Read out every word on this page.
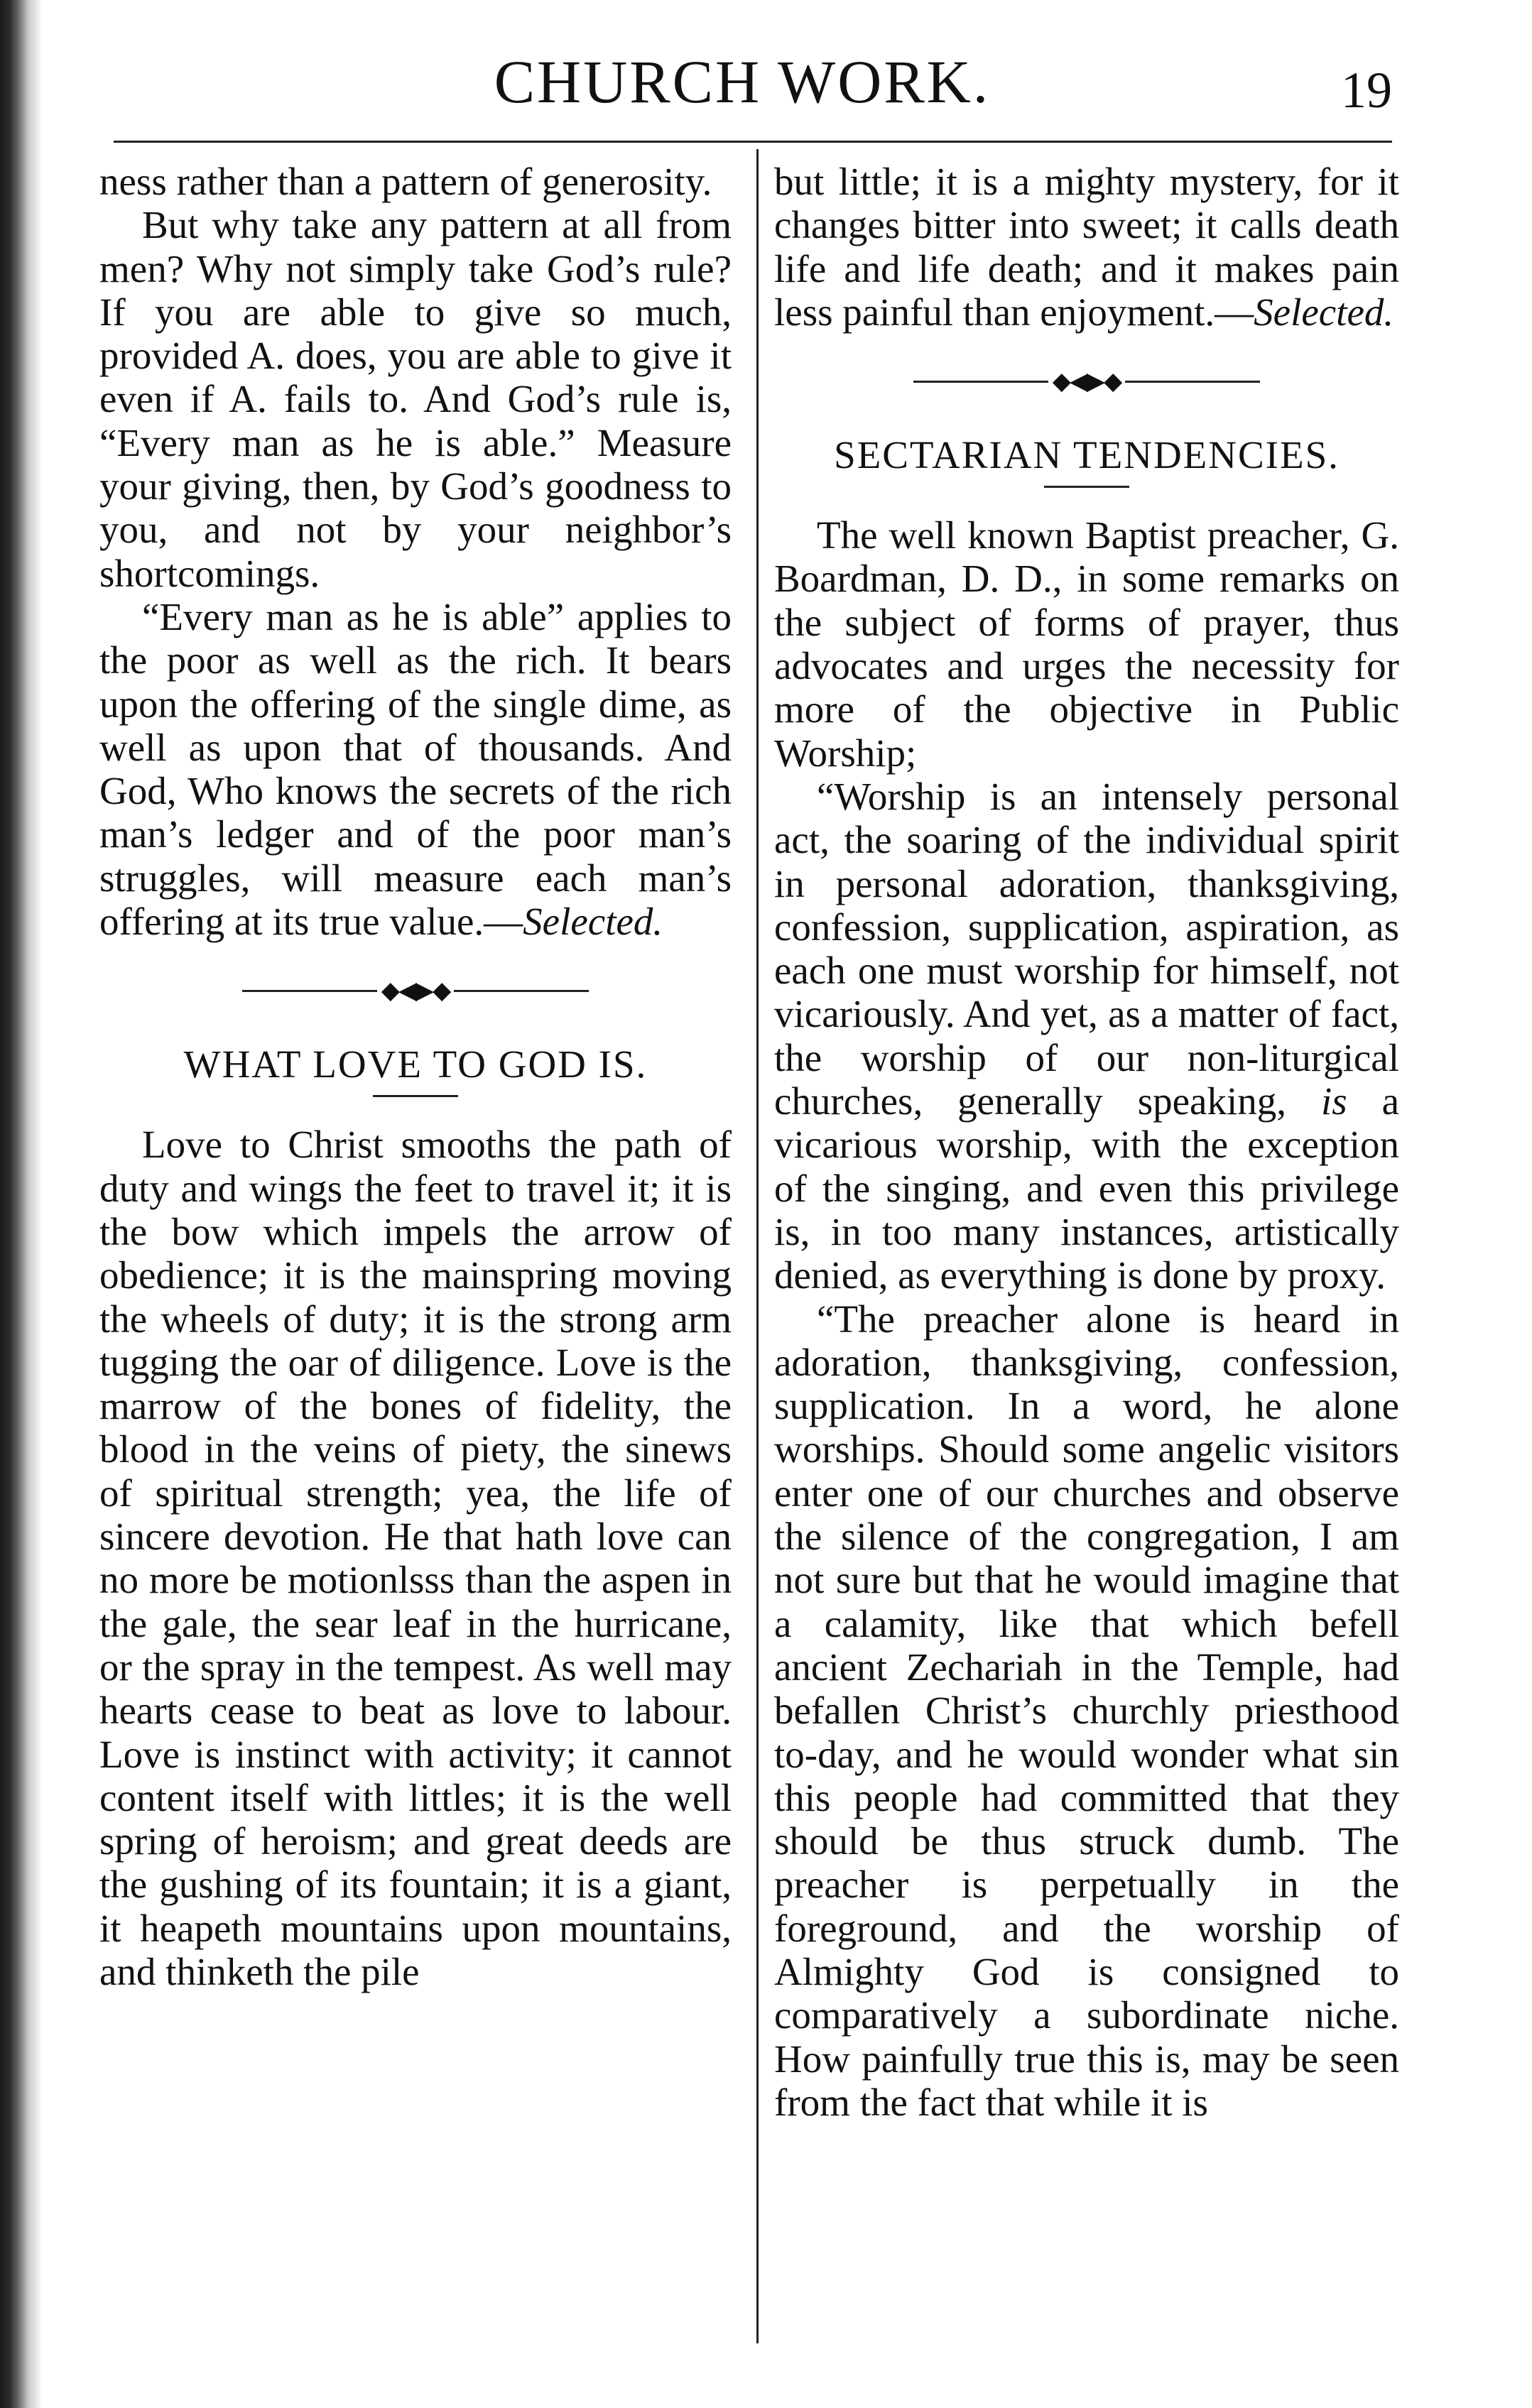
CHURCH WORK.	19

ness rather than a pattern of generosity.

But why take any pattern at all from men? Why not simply take God’s rule? If you are able to give so much, provided A. does, you are able to give it even if A. fails to. And God’s rule is, “Every man as he is able.” Measure your giving, then, by God’s goodness to you, and not by your neighbor’s shortcomings.

“Every man as he is able” applies to the poor as well as the rich. It bears upon the offering of the single dime, as well as upon that of thousands. And God, Who knows the secrets of the rich man’s ledger and of the poor man’s struggles, will measure each man’s offering at its true value.—Selected.

◆◀▶◆
WHAT LOVE TO GOD IS.

Love to Christ smooths the path of duty and wings the feet to travel it; it is the bow which impels the arrow of obedience; it is the mainspring moving the wheels of duty; it is the strong arm tugging the oar of diligence. Love is the marrow of the bones of fidelity, the blood in the veins of piety, the sinews of spiritual strength; yea, the life of sincere devotion. He that hath love can no more be motionlsss than the aspen in the gale, the sear leaf in the hurricane, or the spray in the tempest. As well may hearts cease to beat as love to labour. Love is instinct with activity; it cannot content itself with littles; it is the well spring of heroism; and great deeds are the gushing of its fountain; it is a giant, it heapeth mountains upon mountains, and thinketh the pile

but little; it is a mighty mystery, for it changes bitter into sweet; it calls death life and life death; and it makes pain less painful than enjoyment.—Selected.

◆◀▶◆
SECTARIAN TENDENCIES.

The well known Baptist preacher, G. Boardman, D. D., in some remarks on the subject of forms of prayer, thus advocates and urges the necessity for more of the objective in Public Worship;

“Worship is an intensely personal act, the soaring of the individual spirit in personal adoration, thanksgiving, confession, supplication, aspiration, as each one must worship for himself, not vicariously. And yet, as a matter of fact, the worship of our non-liturgical churches, generally speaking, is a vicarious worship, with the exception of the singing, and even this privilege is, in too many instances, artistically denied, as everything is done by proxy.

“The preacher alone is heard in adoration, thanksgiving, confession, supplication. In a word, he alone worships. Should some angelic visitors enter one of our churches and observe the silence of the congregation, I am not sure but that he would imagine that a calamity, like that which befell ancient Zechariah in the Temple, had befallen Christ’s churchly priesthood to-day, and he would wonder what sin this people had committed that they should be thus struck dumb. The preacher is perpetually in the foreground, and the worship of Almighty God is consigned to comparatively a subordinate niche. How painfully true this is, may be seen from the fact that while it is
